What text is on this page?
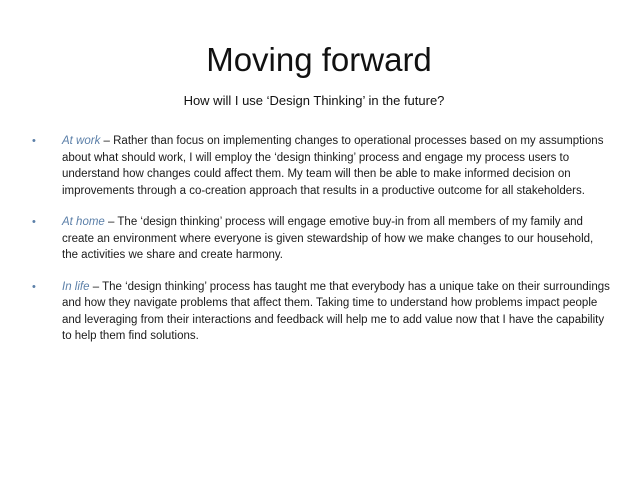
Moving forward
How will I use ‘Design Thinking’ in the future?
• At work – Rather than focus on implementing changes to operational processes based on my assumptions about what should work, I will employ the ‘design thinking’ process and engage my process users to understand how changes could affect them. My team will then be able to make informed decision on improvements through a co-creation approach that results in a productive outcome for all stakeholders.
• At home – The ‘design thinking’ process will engage emotive buy-in from all members of my family and create an environment where everyone is given stewardship of how we make changes to our household, the activities we share and create harmony.
• In life – The ‘design thinking’ process has taught me that everybody has a unique take on their surroundings and how they navigate problems that affect them. Taking time to understand how problems impact people and leveraging from their interactions and feedback will help me to add value now that I have the capability to help them find solutions.
